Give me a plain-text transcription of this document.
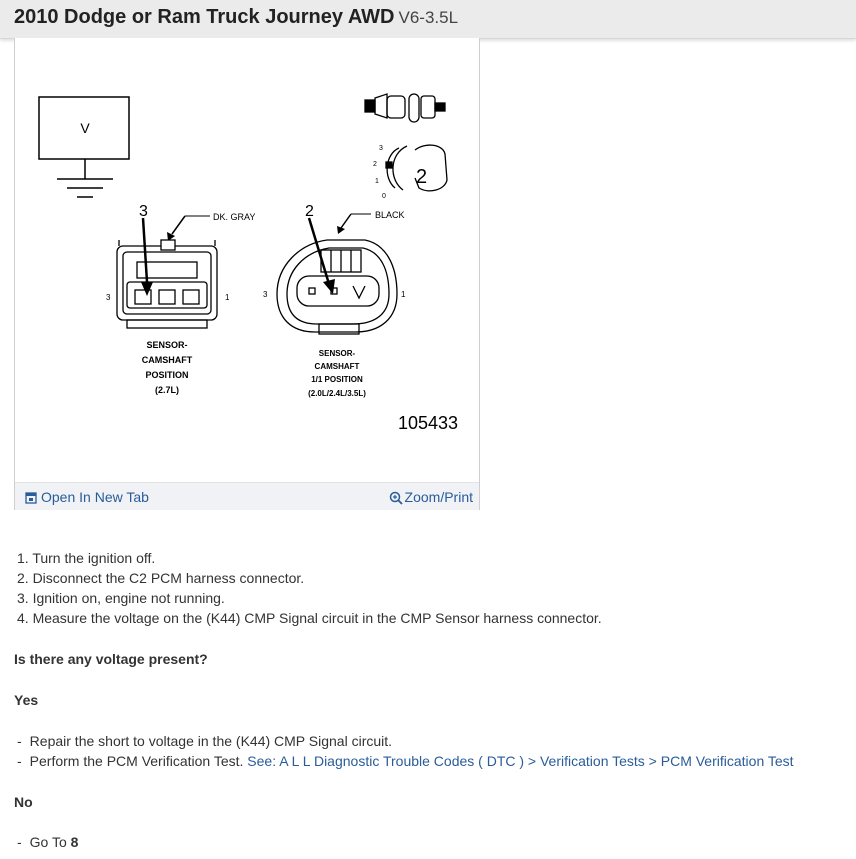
2010 Dodge or Ram Truck Journey AWD V6-3.5L
V
3	DK. GRAY
3	1
SENSOR-
CAMSHAFT
POSITION
(2.7L)
2	BLACK
3	1
SENSOR-
CAMSHAFT
1/1 POSITION
(2.0L/2.4L/3.5L)
3
2
1
0
2
105433
Open In New Tab	Zoom/Print
1. Turn the ignition off.
2. Disconnect the C2 PCM harness connector.
3. Ignition on, engine not running.
4. Measure the voltage on the (K44) CMP Signal circuit in the CMP Sensor harness connector.
Is there any voltage present?
Yes
- Repair the short to voltage in the (K44) CMP Signal circuit.
- Perform the PCM Verification Test. See: A L L Diagnostic Trouble Codes ( DTC ) > Verification Tests > PCM Verification Test
No
- Go To 8
